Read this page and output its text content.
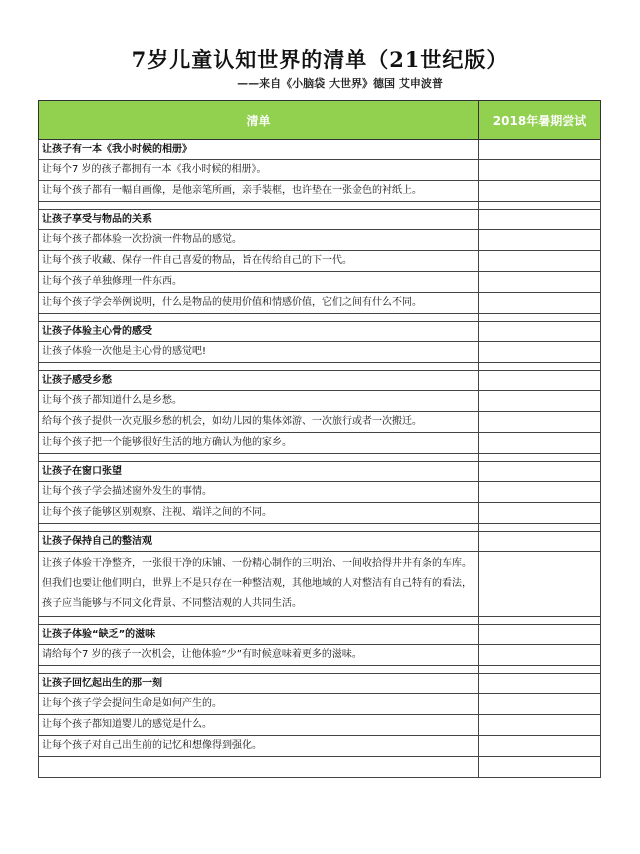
7岁儿童认知世界的清单（21世纪版）
——来自《小脑袋 大世界》德国 艾申波普
清单	2018年暑期尝试
让孩子有一本《我小时候的相册》	
让每个7 岁的孩子都拥有一本《我小时候的相册》。	
让每个孩子都有一幅自画像，是他亲笔所画，亲手装框，也许垫在一张金色的衬纸上。	

让孩子享受与物品的关系	
让每个孩子都体验一次扮演一件物品的感觉。	
让每个孩子收藏、保存一件自己喜爱的物品，旨在传给自己的下一代。	
让每个孩子单独修理一件东西。	
让每个孩子学会举例说明，什么是物品的使用价值和情感价值，它们之间有什么不同。	

让孩子体验主心骨的感受	
让孩子体验一次他是主心骨的感觉吧!	

让孩子感受乡愁	
让每个孩子都知道什么是乡愁。	
给每个孩子提供一次克服乡愁的机会，如幼儿园的集体郊游、一次旅行或者一次搬迁。	
让每个孩子把一个能够很好生活的地方确认为他的家乡。	

让孩子在窗口张望	
让每个孩子学会描述窗外发生的事情。	
让每个孩子能够区别观察、注视、端详之间的不同。	

让孩子保持自己的整洁观	
让孩子体验干净整齐，一张很干净的床铺、一份精心制作的三明治、一间收拾得井井有条的车库。但我们也要让他们明白，世界上不是只存在一种整洁观，其他地域的人对整洁有自己特有的看法，孩子应当能够与不同文化背景、不同整洁观的人共同生活。	

让孩子体验“缺乏”的滋味	
请给每个7 岁的孩子一次机会，让他体验“少”有时候意味着更多的滋味。	

让孩子回忆起出生的那一刻	
让每个孩子学会提问生命是如何产生的。	
让每个孩子都知道婴儿的感觉是什么。	
让每个孩子对自己出生前的记忆和想像得到强化。	
